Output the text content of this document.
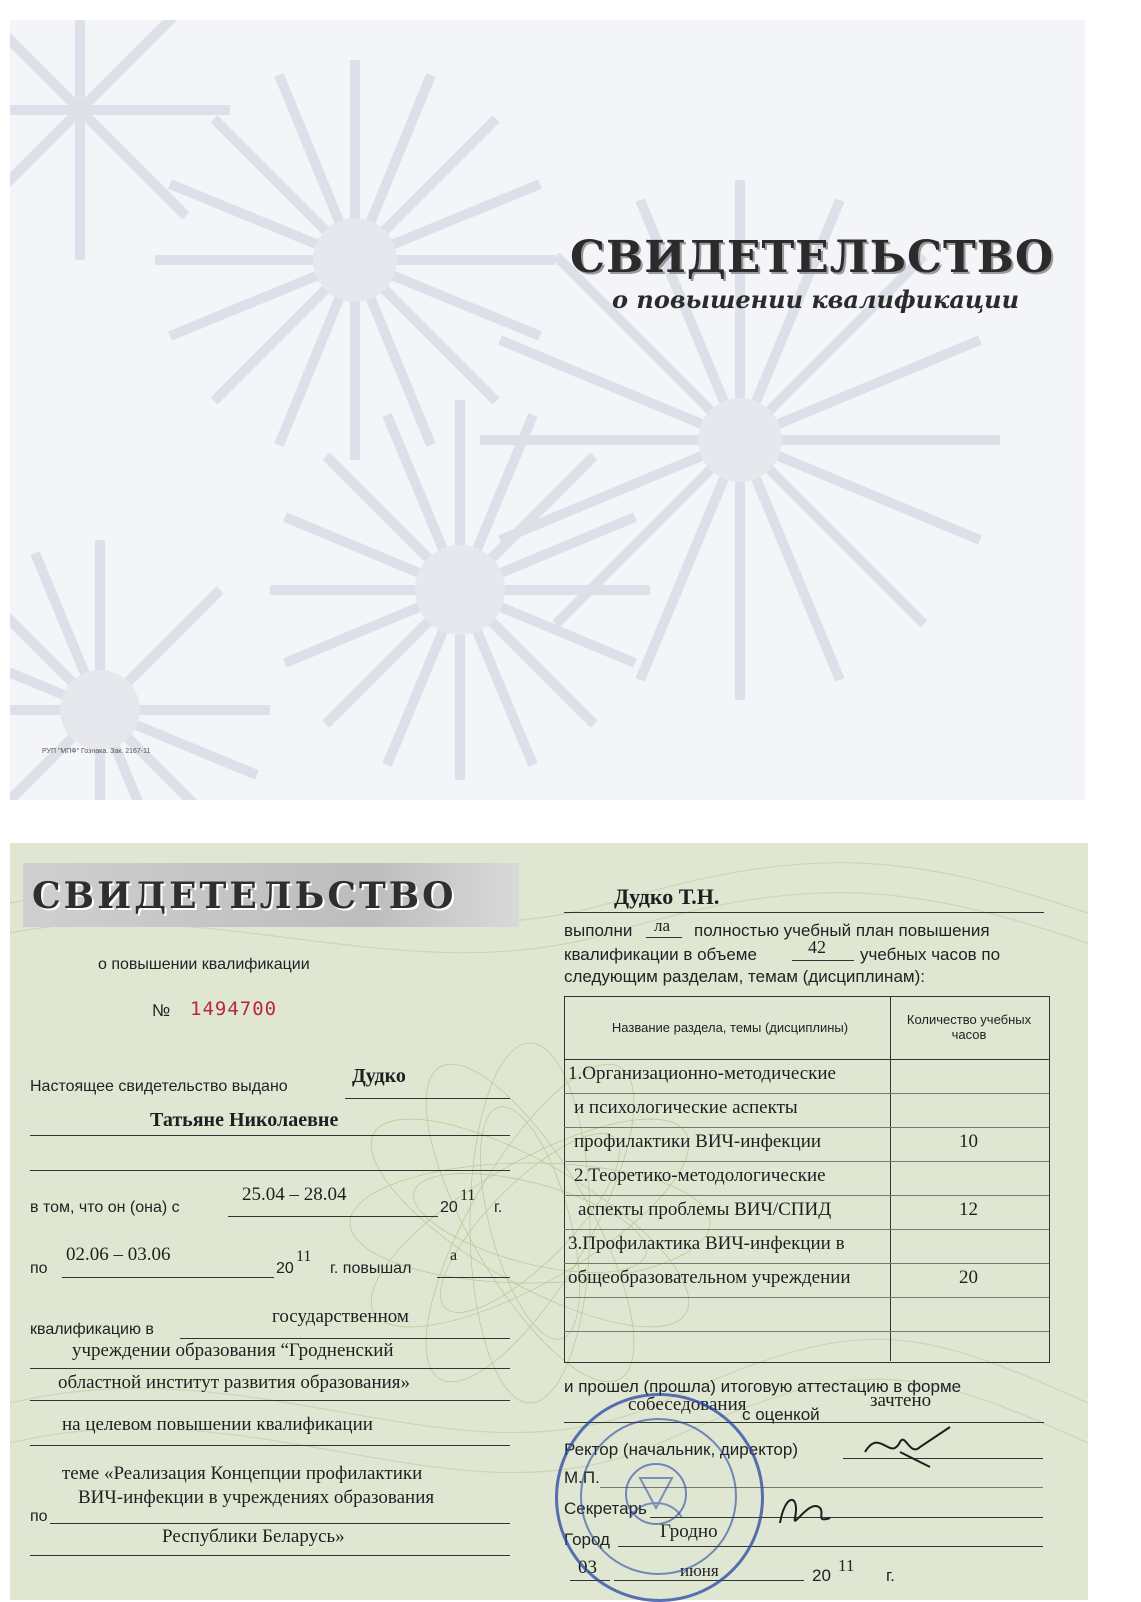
СВИДЕТЕЛЬСТВО
о повышении квалификации
РУП "МПФ" Гознака. Зак. 2167-11
СВИДЕТЕЛЬСТВО
о повышении квалификации
№ 1494700
Настоящее свидетельство выдано	Дудко
Татьяне Николаевне
в том, что он (она) с
25.04 – 28.04
20
11
г.
по
02.06 – 03.06
20
11
г. повышал
а
квалификацию в
государственном
учреждении образования “Гродненский
областной институт развития образования»
на целевом повышении квалификации
теме «Реализация Концепции профилактики
по
ВИЧ-инфекции в учреждениях образования
Республики Беларусь»
Дудко Т.Н.
выполни ла полностью учебный план повышения
квалификации в объеме	42 учебных часов по
следующим разделам, темам (дисциплинам):
Название раздела, темы (дисциплины)
Количество учебных часов
1.Организационно-методические
и психологические аспекты
профилактики ВИЧ-инфекции	10
2.Теоретико-методологические
аспекты проблемы ВИЧ/СПИД	12
3.Профилактика ВИЧ-инфекции в
общеобразовательном учреждении	20
и прошел (прошла) итоговую аттестацию в форме
собеседования
с оценкой
зачтено
Ректор (начальник, директор)
М.П.
Секретарь
Город	Гродно
03	июня	20
11
г.
